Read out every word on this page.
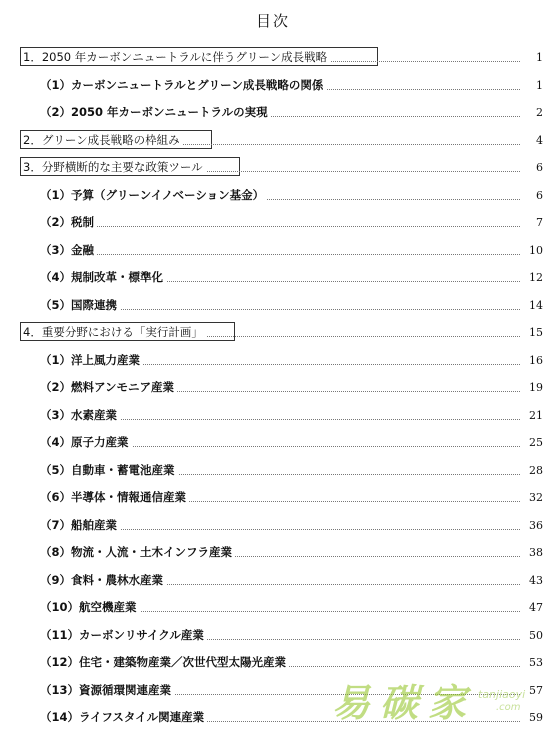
目次
1．2050 年カーボンニュートラルに伴うグリーン成長戦略	1
（1）カーボンニュートラルとグリーン成長戦略の関係	1
（2）2050 年カーボンニュートラルの実現	2
2．グリーン成長戦略の枠組み	4
3．分野横断的な主要な政策ツール	6
（1）予算（グリーンイノベーション基金）	6
（2）税制	7
（3）金融	10
（4）規制改革・標準化	12
（5）国際連携	14
4．重要分野における「実行計画」	15
（1）洋上風力産業	16
（2）燃料アンモニア産業	19
（3）水素産業	21
（4）原子力産業	25
（5）自動車・蓄電池産業	28
（6）半導体・情報通信産業	32
（7）船舶産業	36
（8）物流・人流・土木インフラ産業	38
（9）食料・農林水産業	43
（10）航空機産業	47
（11）カーボンリサイクル産業	50
（12）住宅・建築物産業／次世代型太陽光産業	53
（13）資源循環関連産業	57
（14）ライフスタイル関連産業	59
易 碳 家 tanjiaoyi
.com
